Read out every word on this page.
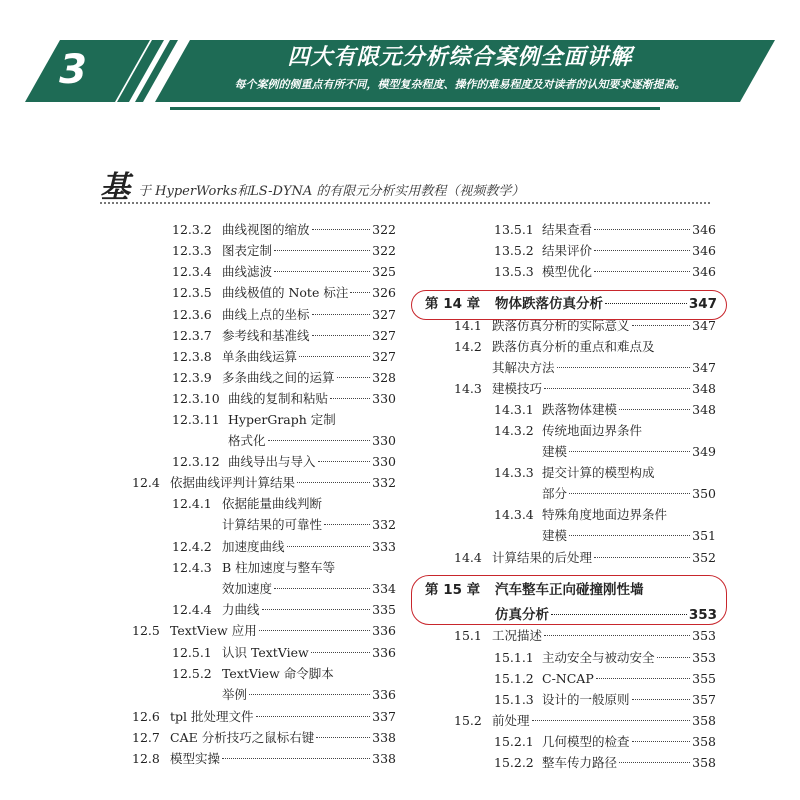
3	四大有限元分析综合案例全面讲解
每个案例的侧重点有所不同，模型复杂程度、操作的难易程度及对读者的认知要求逐渐提高。
基 于 HyperWorks和LS-DYNA 的有限元分析实用教程（视频教学）
12.3.2 曲线视图的缩放	322
12.3.3 图表定制	322
12.3.4 曲线滤波	325
12.3.5 曲线极值的 Note 标注 326
12.3.6 曲线上点的坐标	327
12.3.7 参考线和基准线	327
12.3.8 单条曲线运算	327
12.3.9 多条曲线之间的运算	328
12.3.10 曲线的复制和粘贴	330
12.3.11 HyperGraph 定制
格式化	330
12.3.12 曲线导出与导入	330
12.4 依据曲线评判计算结果	332
12.4.1 依据能量曲线判断
计算结果的可靠性	332
12.4.2 加速度曲线	333
12.4.3 B 柱加速度与整车等
效加速度	334
12.4.4 力曲线	335
12.5 TextView 应用	336
12.5.1 认识 TextView	336
12.5.2 TextView 命令脚本
举例	336
12.6 tpl 批处理文件	337
12.7 CAE 分析技巧之鼠标右键	338
12.8 模型实操	338
13.5.1 结果查看	346
13.5.2 结果评价	346
13.5.3 模型优化	346
第 14 章	物体跌落仿真分析	347
14.1 跌落仿真分析的实际意义	347
14.2 跌落仿真分析的重点和难点及
其解决方法	347
14.3 建模技巧	348
14.3.1 跌落物体建模	348
14.3.2 传统地面边界条件
建模	349
14.3.3 提交计算的模型构成
部分	350
14.3.4 特殊角度地面边界条件
建模	351
14.4 计算结果的后处理	352
第 15 章	汽车整车正向碰撞刚性墙
仿真分析	353
15.1 工况描述	353
15.1.1 主动安全与被动安全	353
15.1.2 C-NCAP	355
15.1.3 设计的一般原则	357
15.2 前处理	358
15.2.1 几何模型的检查	358
15.2.2 整车传力路径	358
